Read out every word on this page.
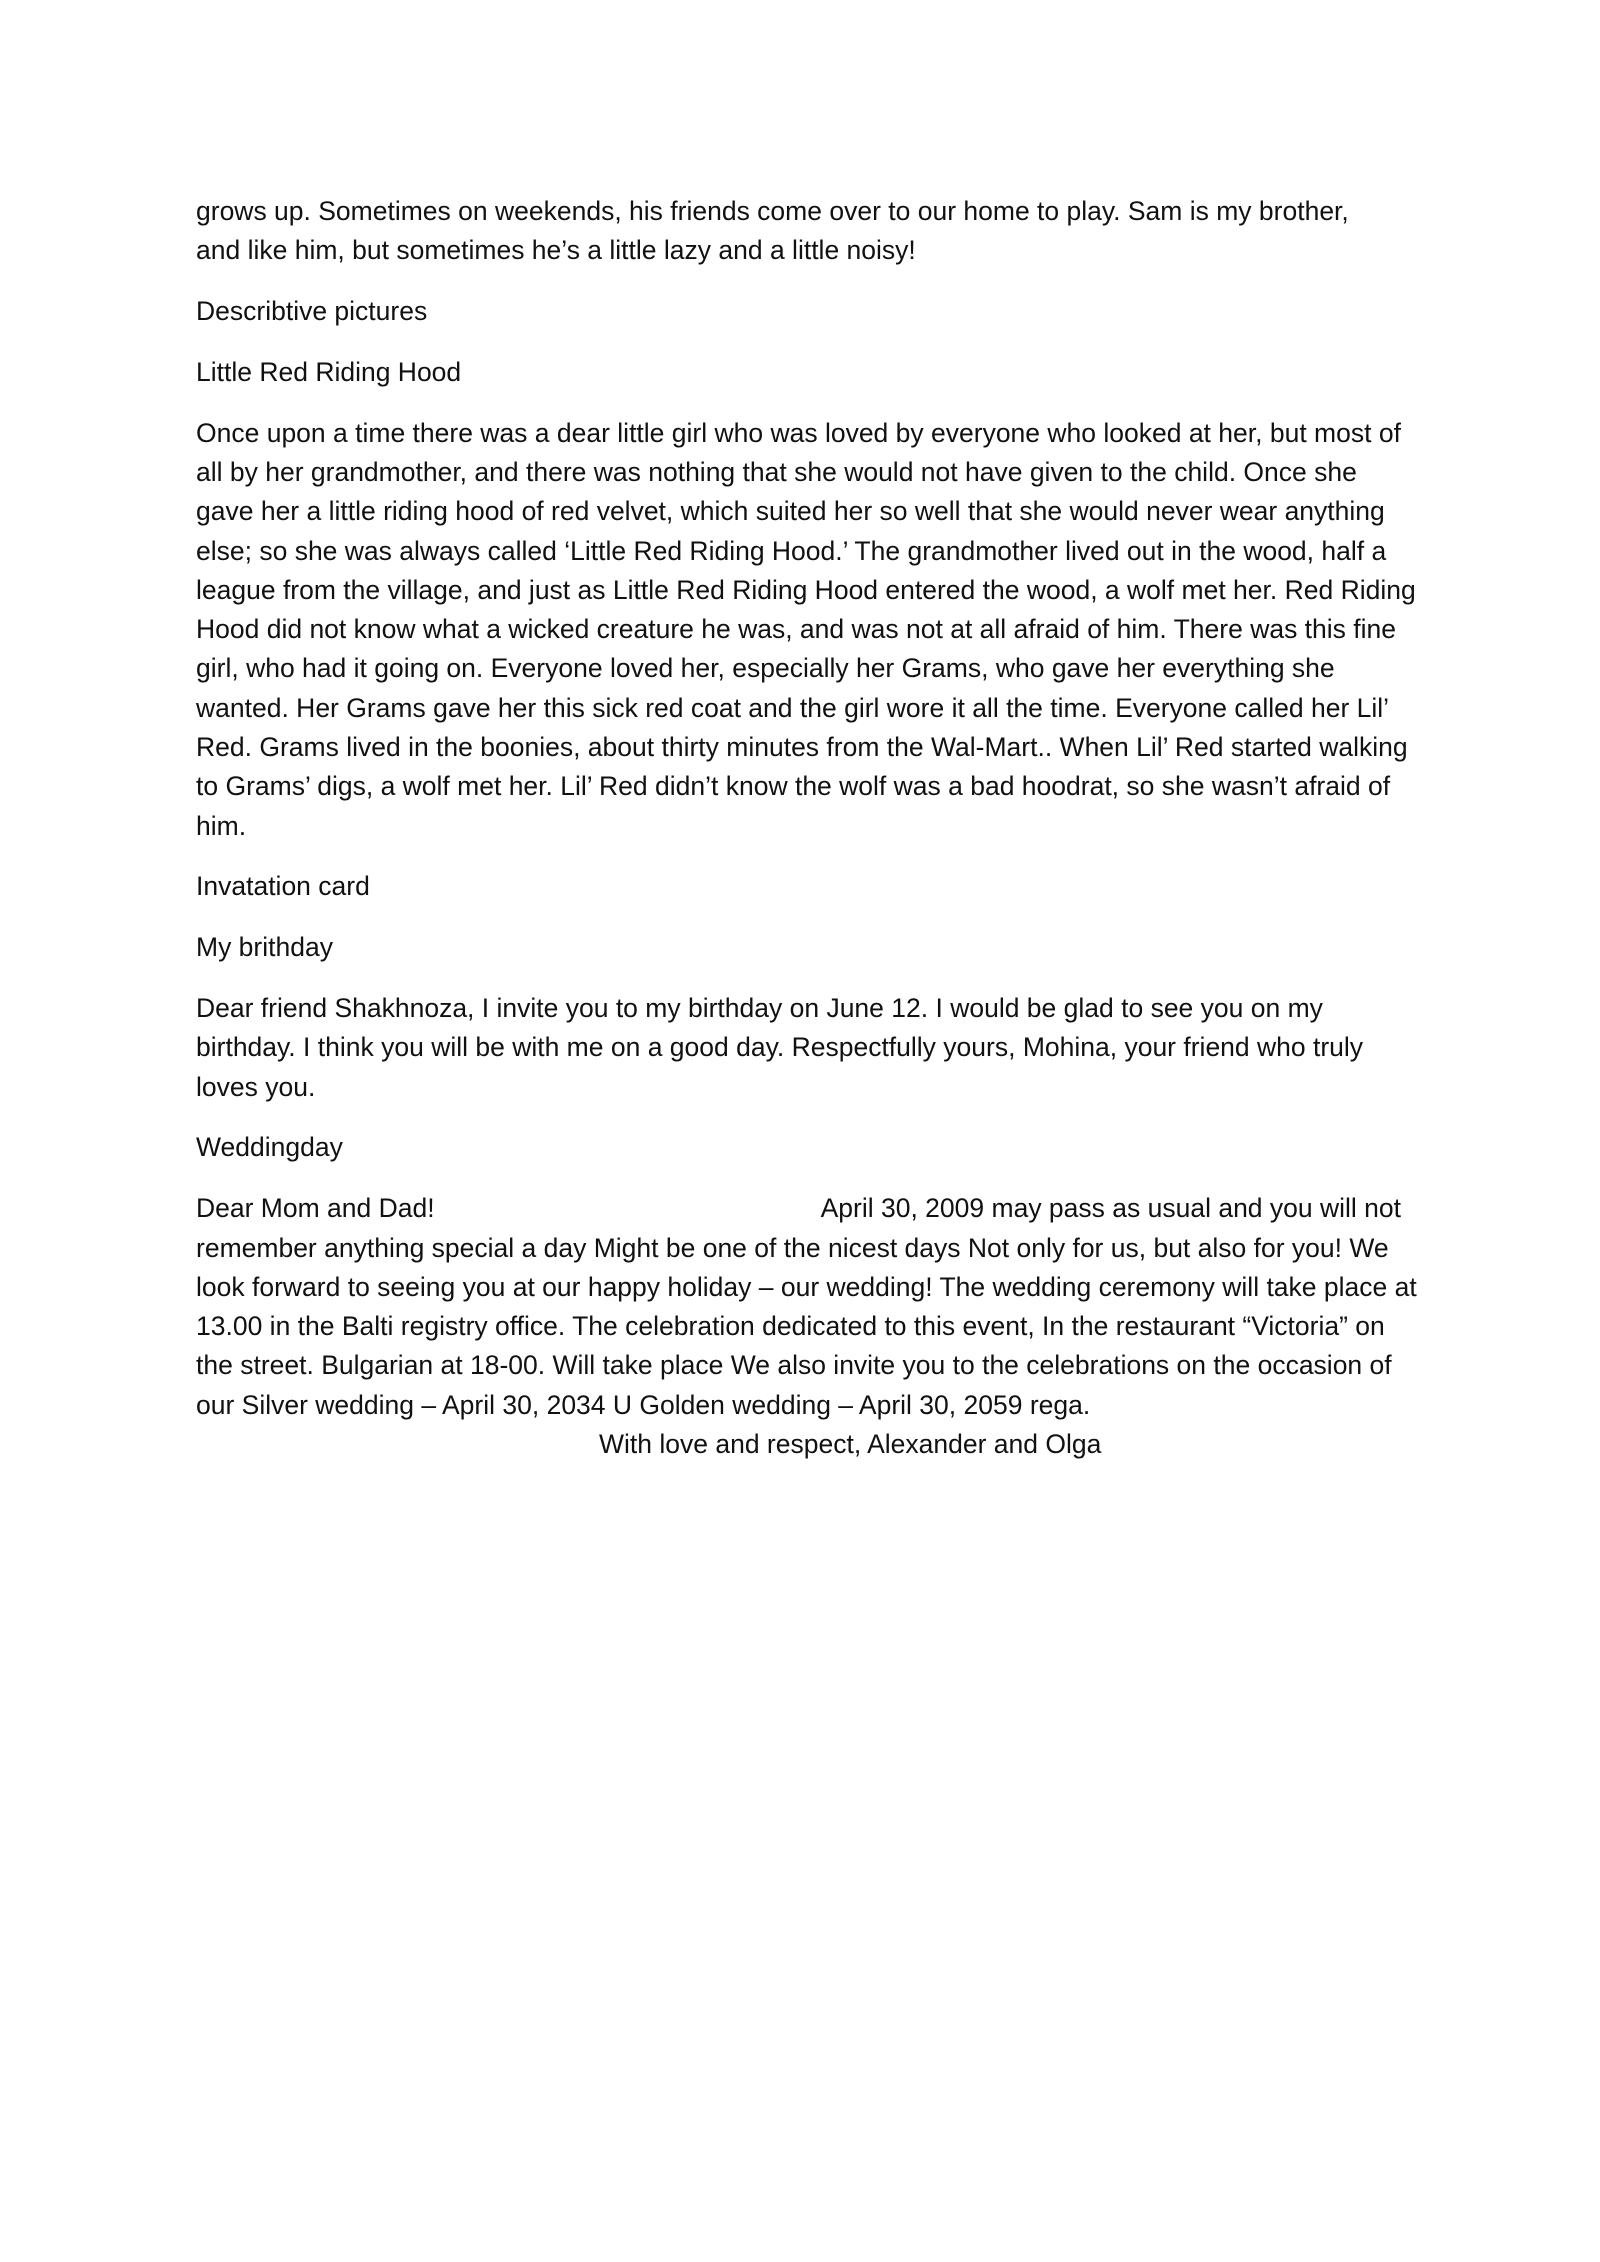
grows up. Sometimes on weekends, his friends come over to our home to play. Sam is my brother,
and like him, but sometimes he’s a little lazy and a little noisy!

Describtive pictures

Little Red Riding Hood

Once upon a time there was a dear little girl who was loved by everyone who looked at her, but most of all by her grandmother, and there was nothing that she would not have given to the child. Once she gave her a little riding hood of red velvet, which suited her so well that she would never wear anything else; so she was always called ‘Little Red Riding Hood.’ The grandmother lived out in the wood, half a league from the village, and just as Little Red Riding Hood entered the wood, a wolf met her. Red Riding Hood did not know what a wicked creature he was, and was not at all afraid of him. There was this fine girl, who had it going on. Everyone loved her, especially her Grams, who gave her everything she wanted. Her Grams gave her this sick red coat and the girl wore it all the time. Everyone called her Lil’ Red. Grams lived in the boonies, about thirty minutes from the Wal-Mart.. When Lil’ Red started walking to Grams’ digs, a wolf met her. Lil’ Red didn’t know the wolf was a bad hoodrat, so she wasn’t afraid of him.

Invatation card

My brithday

Dear friend Shakhnoza, I invite you to my birthday on June 12. I would be glad to see you on my birthday. I think you will be with me on a good day. Respectfully yours, Mohina, your friend who truly loves you.

Weddingday

Dear Mom and Dad!	April 30, 2009 may pass as usual and you will not remember anything special a day Might be one of the nicest days Not only for us, but also for you! We look forward to seeing you at our happy holiday – our wedding! The wedding ceremony will take place at 13.00 in the Balti registry office. The celebration dedicated to this event, In the restaurant “Victoria” on the street. Bulgarian at 18-00. Will take place We also invite you to the celebrations on the occasion of our Silver wedding – April 30, 2034 U Golden wedding – April 30, 2059 rega.With love and respect, Alexander and Olga
